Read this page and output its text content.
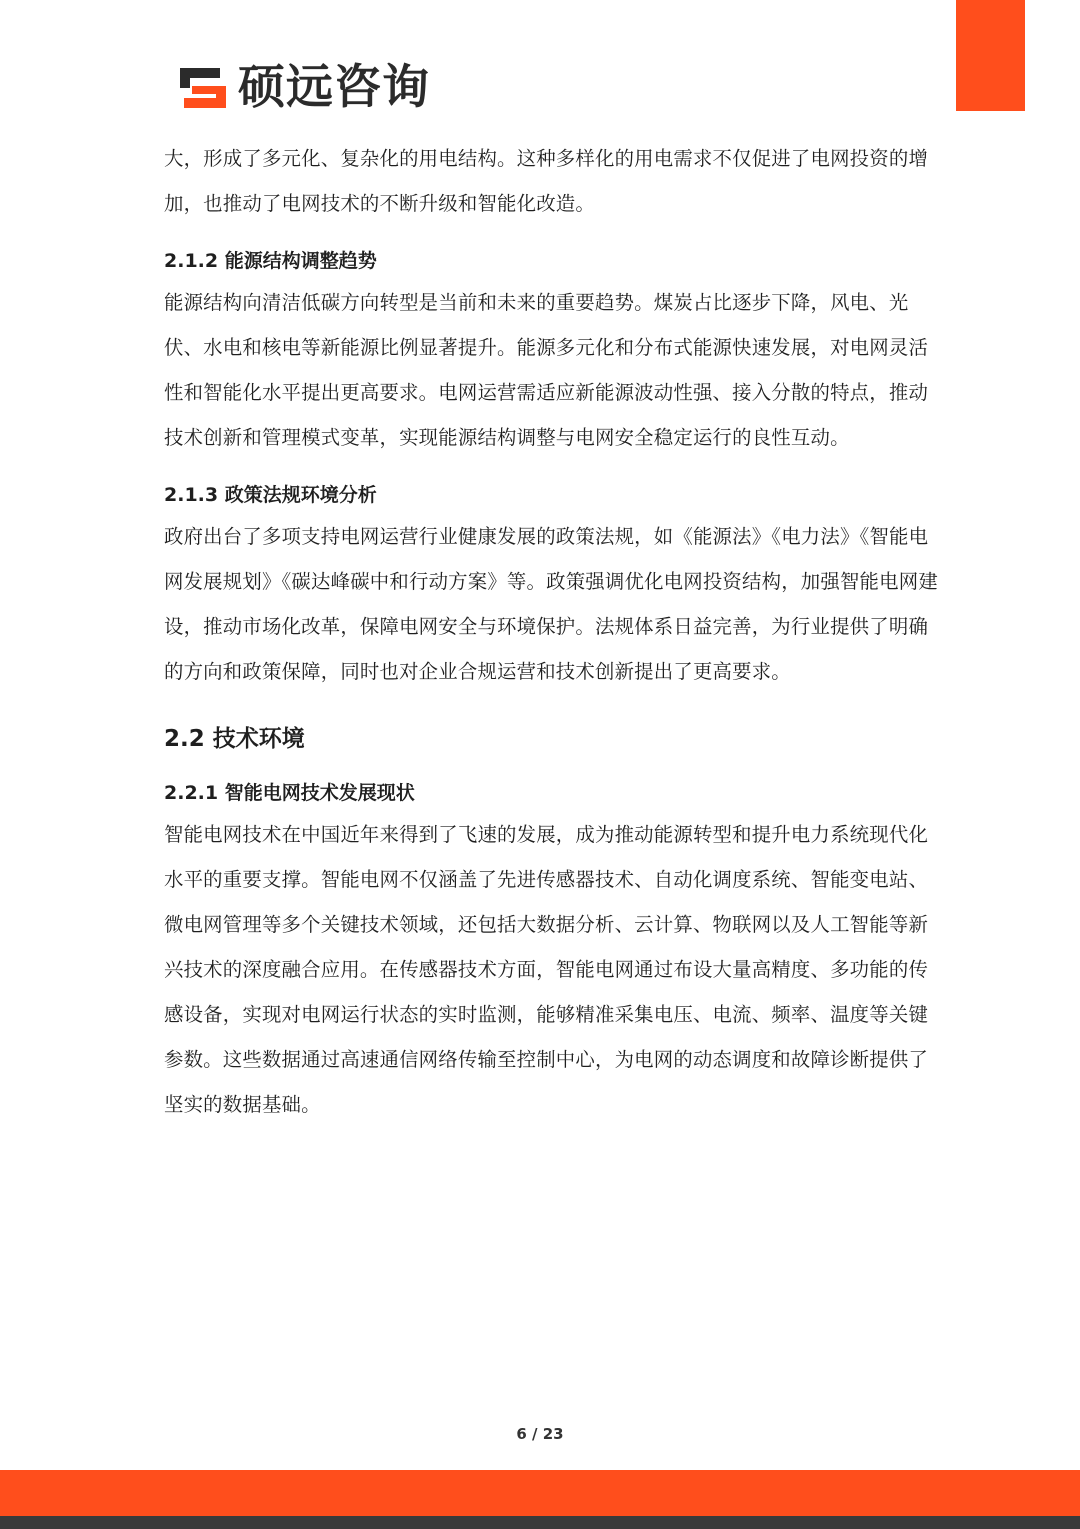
硕远咨询

大，形成了多元化、复杂化的用电结构。这种多样化的用电需求不仅促进了电网投资的增加，也推动了电网技术的不断升级和智能化改造。

2.1.2 能源结构调整趋势

能源结构向清洁低碳方向转型是当前和未来的重要趋势。煤炭占比逐步下降，风电、光伏、水电和核电等新能源比例显著提升。能源多元化和分布式能源快速发展，对电网灵活性和智能化水平提出更高要求。电网运营需适应新能源波动性强、接入分散的特点，推动技术创新和管理模式变革，实现能源结构调整与电网安全稳定运行的良性互动。

2.1.3 政策法规环境分析

政府出台了多项支持电网运营行业健康发展的政策法规，如《能源法》《电力法》《智能电网发展规划》《碳达峰碳中和行动方案》等。政策强调优化电网投资结构，加强智能电网建设，推动市场化改革，保障电网安全与环境保护。法规体系日益完善，为行业提供了明确的方向和政策保障，同时也对企业合规运营和技术创新提出了更高要求。

2.2 技术环境
2.2.1 智能电网技术发展现状

智能电网技术在中国近年来得到了飞速的发展，成为推动能源转型和提升电力系统现代化水平的重要支撑。智能电网不仅涵盖了先进传感器技术、自动化调度系统、智能变电站、微电网管理等多个关键技术领域，还包括大数据分析、云计算、物联网以及人工智能等新兴技术的深度融合应用。在传感器技术方面，智能电网通过布设大量高精度、多功能的传感设备，实现对电网运行状态的实时监测，能够精准采集电压、电流、频率、温度等关键参数。这些数据通过高速通信网络传输至控制中心，为电网的动态调度和故障诊断提供了坚实的数据基础。

6 / 23
